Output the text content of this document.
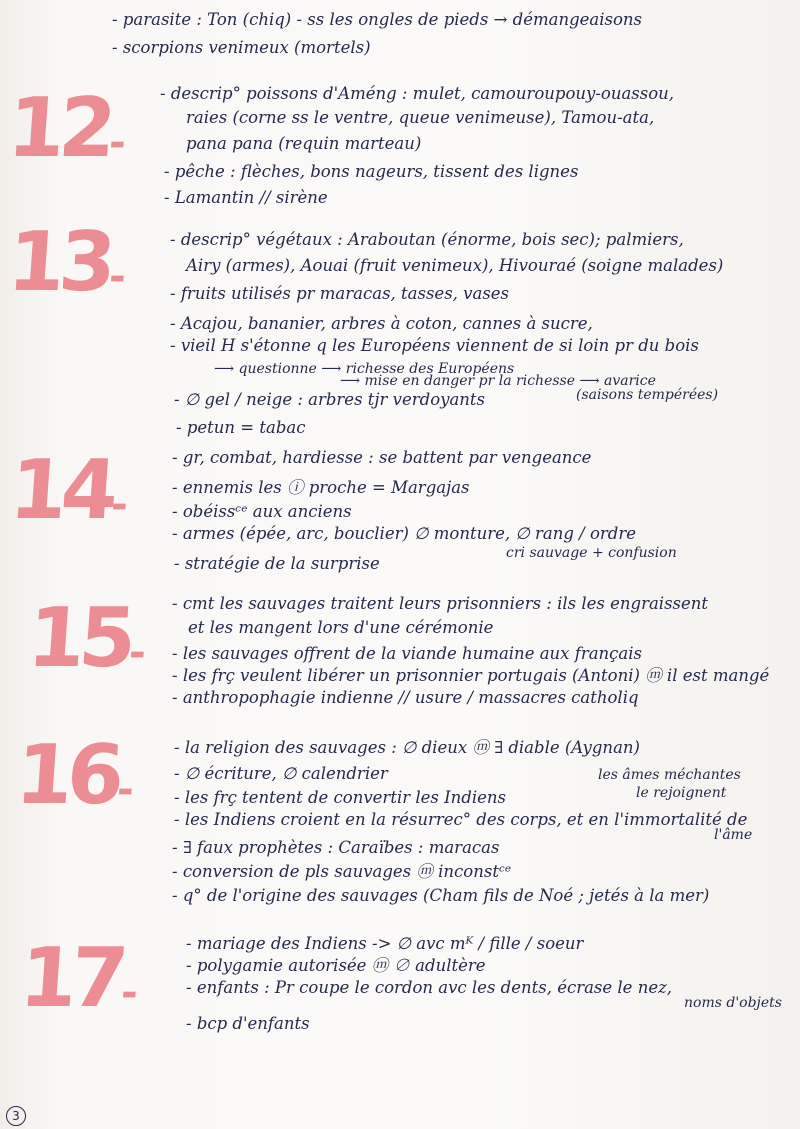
- parasite : Ton (chiq) - ss les ongles de pieds → démangeaisons
- scorpions venimeux (mortels)
12-
- descrip° poissons d'Améng : mulet, camouroupouy-ouassou,
raies (corne ss le ventre, queue venimeuse), Tamou-ata,
pana pana (requin marteau)
- pêche : flèches, bons nageurs, tissent des lignes
- Lamantin // sirène
13-
- descrip° végétaux : Araboutan (énorme, bois sec); palmiers,
Airy (armes), Aouai (fruit venimeux), Hivouraé (soigne malades)
- fruits utilisés pr maracas, tasses, vases
- Acajou, bananier, arbres à coton, cannes à sucre,
- vieil H s'étonne q les Européens viennent de si loin pr du bois
⟶ questionne ⟶ richesse des Européens
⟶ mise en danger pr la richesse ⟶ avarice
- ∅ gel / neige : arbres tjr verdoyants	(saisons tempérées)
- petun = tabac
14-
- gr, combat, hardiesse : se battent par vengeance
- ennemis les ⓘ proche = Margajas
- obéissᶜᵉ aux anciens
- armes (épée, arc, bouclier) ∅ monture, ∅ rang / ordre
cri sauvage + confusion
- stratégie de la surprise
15-
- cmt les sauvages traitent leurs prisonniers : ils les engraissent
et les mangent lors d'une cérémonie
- les sauvages offrent de la viande humaine aux français
- les frç veulent libérer un prisonnier portugais (Antoni) ⓜ il est mangé
- anthropophagie indienne // usure / massacres catholiq
16-
- la religion des sauvages : ∅ dieux ⓜ ∃ diable (Aygnan)
- ∅ écriture, ∅ calendrier	les âmes méchantes
- les frç tentent de convertir les Indiens	le rejoignent
- les Indiens croient en la résurrec° des corps, et en l'immortalité de
l'âme
- ∃ faux prophètes : Caraïbes : maracas
- conversion de pls sauvages ⓜ inconstᶜᵉ
- q° de l'origine des sauvages (Cham fils de Noé ; jetés à la mer)
17-
- mariage des Indiens -> ∅ avc mᴷ / fille / soeur
- polygamie autorisée ⓜ ∅ adultère
- enfants : Pr coupe le cordon avc les dents, écrase le nez,
noms d'objets
- bcp d'enfants
3
